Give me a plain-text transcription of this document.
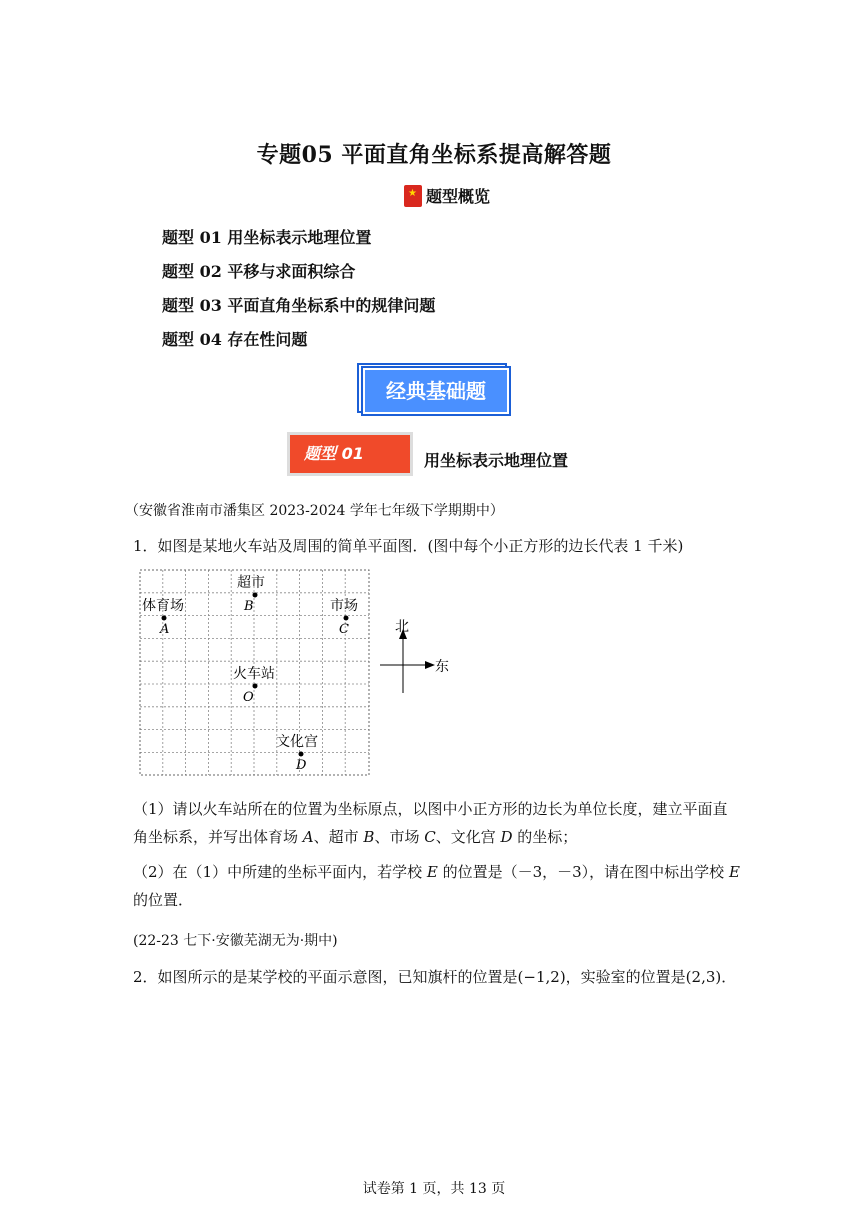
专题05 平面直角坐标系提高解答题
★
题型概览
题型 01 用坐标表示地理位置
题型 02 平移与求面积综合
题型 03 平面直角坐标系中的规律问题
题型 04 存在性问题
经典基础题
题型 01	用坐标表示地理位置
（安徽省淮南市潘集区 2023-2024 学年七年级下学期期中）
1．如图是某地火车站及周围的简单平面图．(图中每个小正方形的边长代表 1 千米)
体育场
A
超市
B	市场
C
火车站
O
文化宫
D
北
东
（1）请以火车站所在的位置为坐标原点，以图中小正方形的边长为单位长度，建立平面直
角坐标系，并写出体育场 A、超市 B、市场 C、文化宫 D 的坐标；
（2）在（1）中所建的坐标平面内，若学校 E 的位置是（－3，－3），请在图中标出学校 E
的位置．
(22-23 七下·安徽芜湖无为·期中)
2．如图所示的是某学校的平面示意图，已知旗杆的位置是(−1,2)，实验室的位置是(2,3)．
试卷第 1 页，共 13 页
